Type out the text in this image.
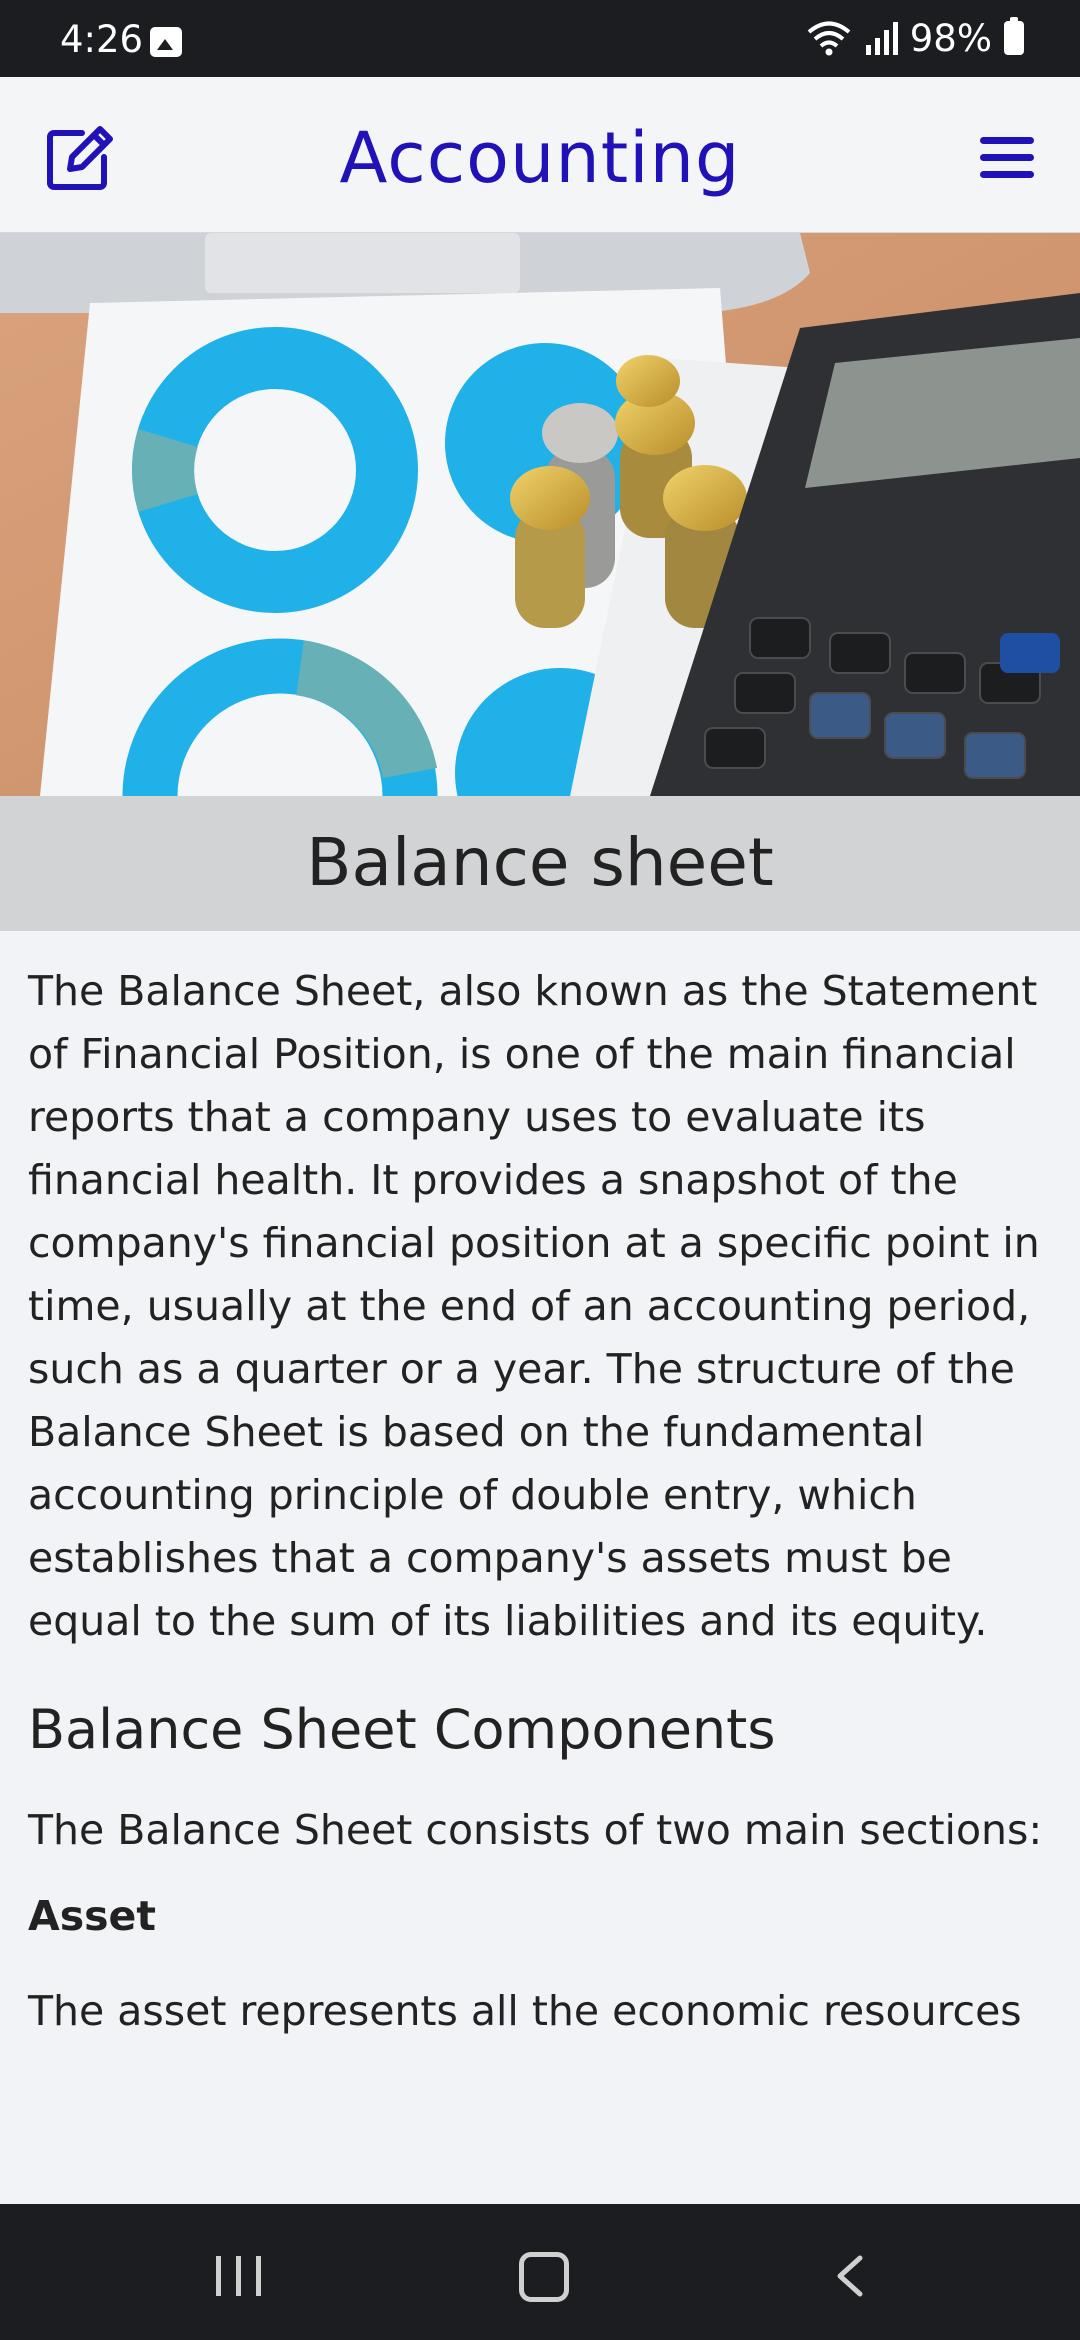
4:26	98%
Accounting
Balance sheet

The Balance Sheet, also known as the Statement of Financial Position, is one of the main financial reports that a company uses to evaluate its financial health. It provides a snapshot of the company's financial position at a specific point in time, usually at the end of an accounting period, such as a quarter or a year. The structure of the Balance Sheet is based on the fundamental accounting principle of double entry, which establishes that a company's assets must be equal to the sum of its liabilities and its equity.

Balance Sheet Components

The Balance Sheet consists of two main sections:

Asset

The asset represents all the economic resources
